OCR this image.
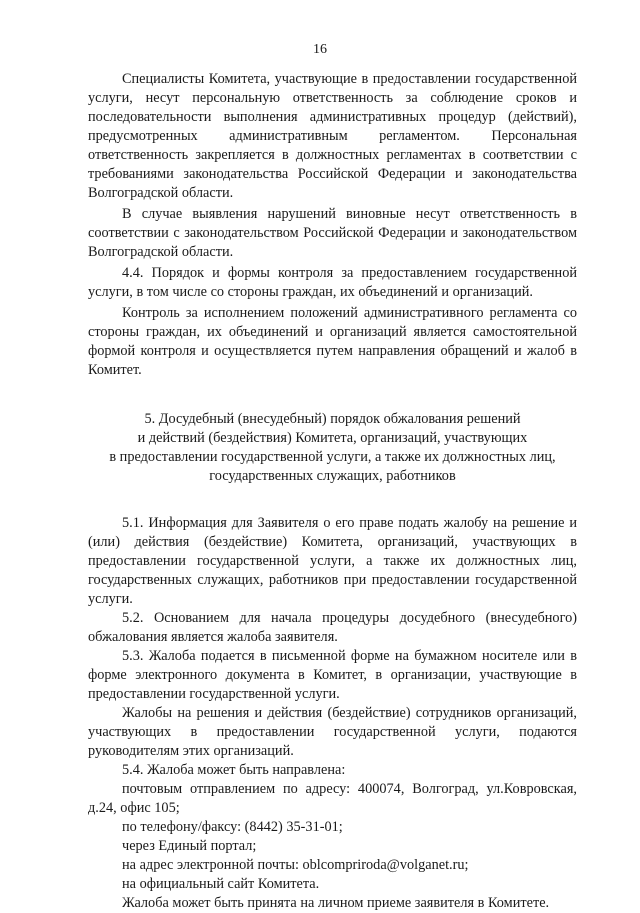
16

Специалисты Комитета, участвующие в предоставлении государственной услуги, несут персональную ответственность за соблюдение сроков и последовательности выполнения административных процедур (действий), предусмотренных административным регламентом. Персональная ответственность закрепляется в должностных регламентах в соответствии с требованиями законодательства Российской Федерации и законодательства Волгоградской области.

В случае выявления нарушений виновные несут ответственность в соответствии с законодательством Российской Федерации и законодательством Волгоградской области.

4.4. Порядок и формы контроля за предоставлением государственной услуги, в том числе со стороны граждан, их объединений и организаций.

Контроль за исполнением положений административного регламента со стороны граждан, их объединений и организаций является самостоятельной формой контроля и осуществляется путем направления обращений и жалоб в Комитет.

5. Досудебный (внесудебный) порядок обжалования решений
и действий (бездействия) Комитета, организаций, участвующих
в предоставлении государственной услуги, а также их должностных лиц,
государственных служащих, работников

5.1. Информация для Заявителя о его праве подать жалобу на решение и (или) действия (бездействие) Комитета, организаций, участвующих в предоставлении государственной услуги, а также их должностных лиц, государственных служащих, работников при предоставлении государственной услуги.

5.2. Основанием для начала процедуры досудебного (внесудебного) обжалования является жалоба заявителя.

5.3. Жалоба подается в письменной форме на бумажном носителе или в форме электронного документа в Комитет, в организации, участвующие в предоставлении государственной услуги.

Жалобы на решения и действия (бездействие) сотрудников организаций, участвующих в предоставлении государственной услуги, подаются руководителям этих организаций.

5.4. Жалоба может быть направлена:

почтовым отправлением по адресу: 400074, Волгоград, ул.Ковровская, д.24, офис 105;

по телефону/факсу: (8442) 35-31-01;

через Единый портал;

на адрес электронной почты: oblcompriroda@volganet.ru;

на официальный сайт Комитета.

Жалоба может быть принята на личном приеме заявителя в Комитете.
